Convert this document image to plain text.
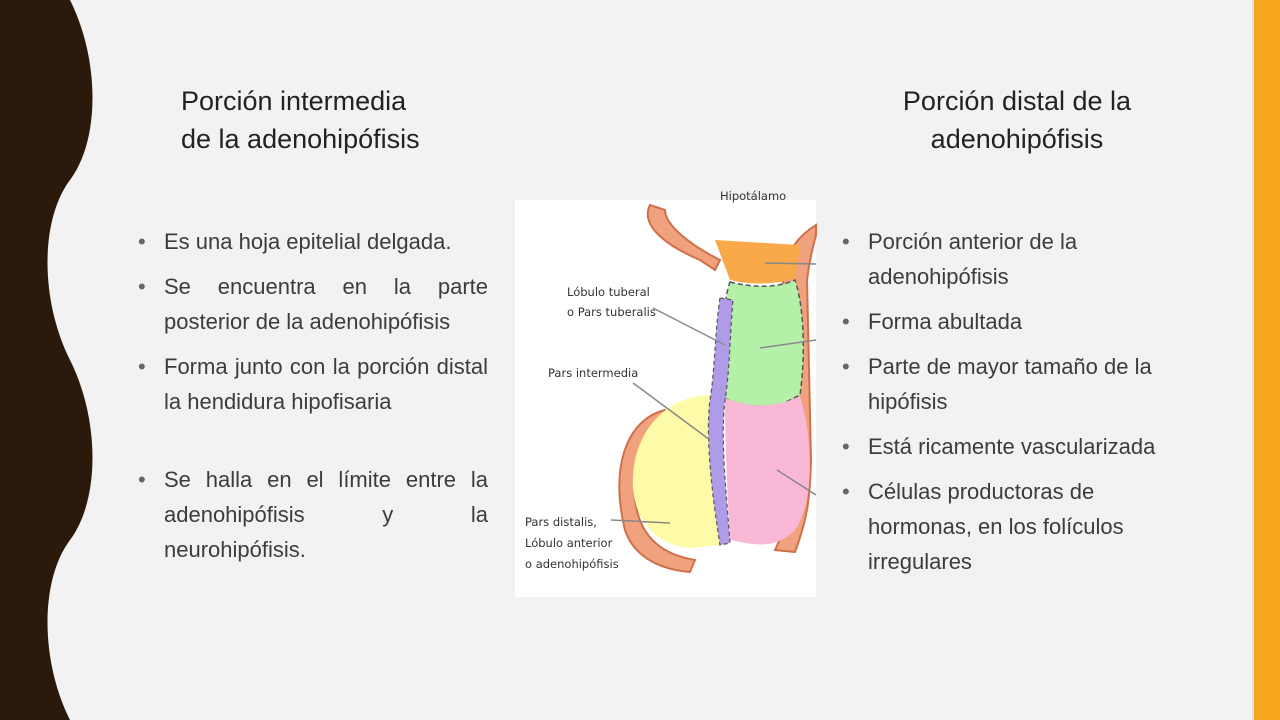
Porción intermedia
de la adenohipófisis
Porción distal de la
adenohipófisis
• Es una hoja epitelial delgada.
• Se encuentra en la parte posterior de la adenohipófisis
• Forma junto con la porción distal la hendidura hipofisaria
• Se halla en el límite entre la adenohipófisis y la neurohipófisis.
• Porción anterior de la adenohipófisis
• Forma abultada
• Parte de mayor tamaño de la hipófisis
• Está ricamente vascularizada
• Células productoras de hormonas, en los folículos irregulares
Hipotálamo
Lóbulo tuberal
o Pars tuberalis
Pars intermedia
Pars distalis,
Lóbulo anterior
o adenohipófisis
